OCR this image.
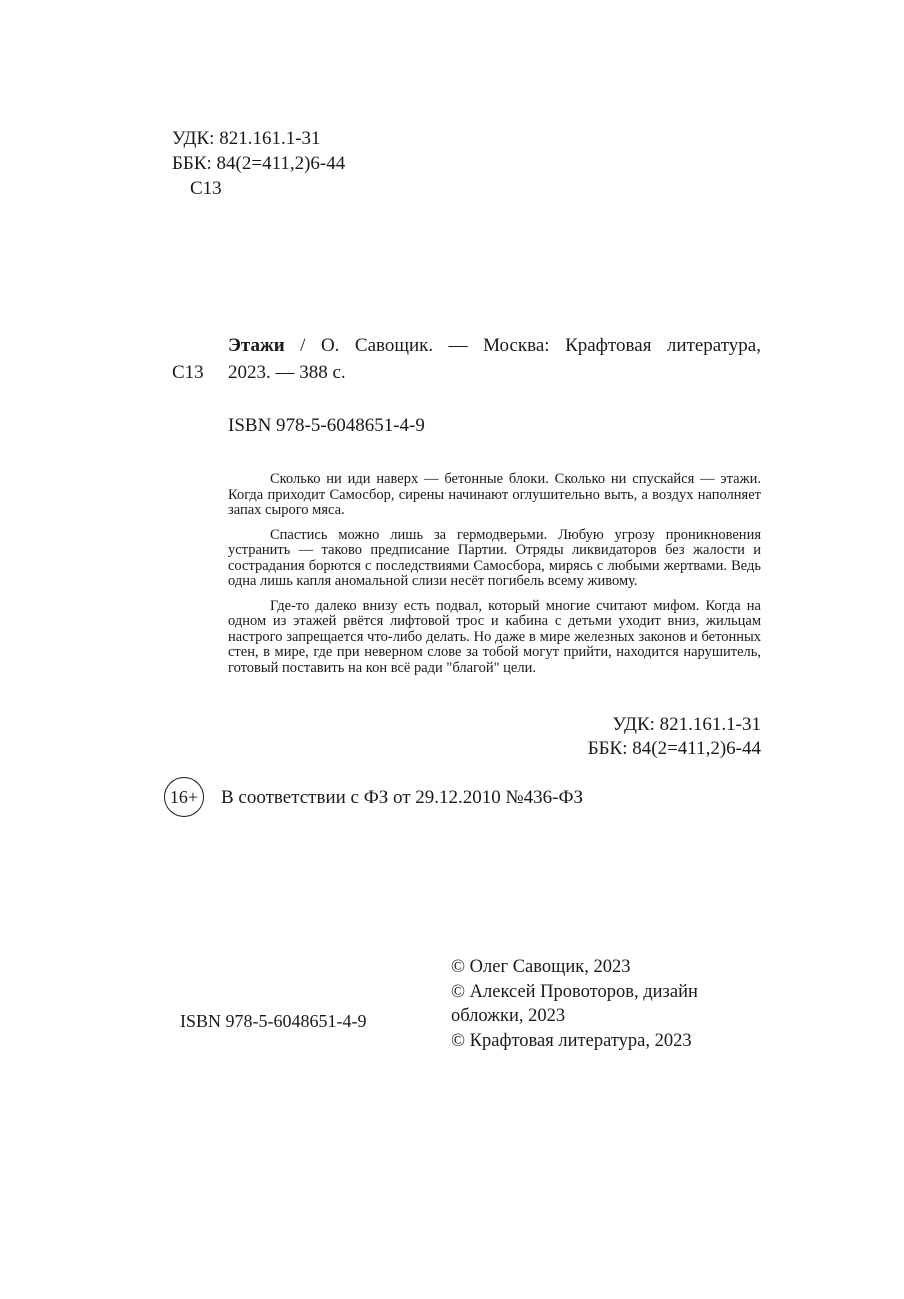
УДК: 821.161.1-31
ББК: 84(2=411,2)6-44
С13
Этажи / О. Савощик. — Москва: Крафтовая литература,
С13 2023. — 388 с.
ISBN 978-5-6048651-4-9

Сколько ни иди наверх — бетонные блоки. Сколько ни спускайся — этажи. Когда приходит Самосбор, сирены начинают оглушительно выть, а воздух наполняет запах сырого мяса.

Спастись можно лишь за гермодверьми. Любую угрозу проникновения устранить — таково предписание Партии. Отряды ликвидаторов без жалости и сострадания борются с последствиями Самосбора, мирясь с любыми жертвами. Ведь одна лишь капля аномальной слизи несёт погибель всему живому.

Где-то далеко внизу есть подвал, который многие считают мифом. Когда на одном из этажей рвётся лифтовой трос и кабина с детьми уходит вниз, жильцам настрого запрещается что-либо делать. Но даже в мире железных законов и бетонных стен, в мире, где при неверном слове за тобой могут прийти, находится нарушитель, готовый поставить на кон всё ради "благой" цели.

УДК: 821.161.1-31
ББК: 84(2=411,2)6-44
16+	В соответствии с ФЗ от 29.12.2010 №436-ФЗ
ISBN 978-5-6048651-4-9
© Олег Савощик, 2023
© Алексей Провоторов, дизайн
обложки, 2023
© Крафтовая литература, 2023
